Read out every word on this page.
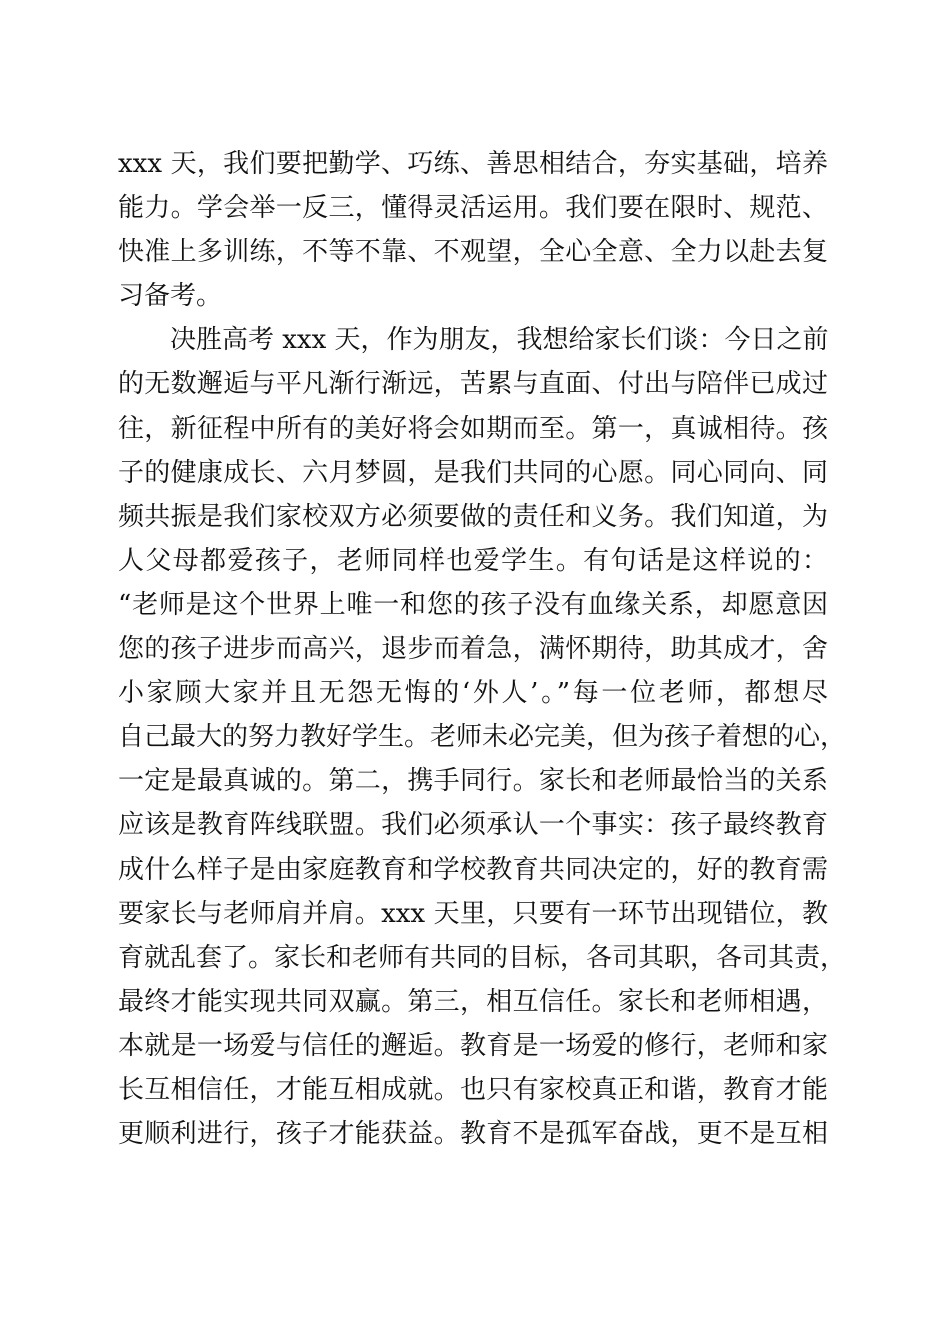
xxx 天，我们要把勤学、巧练、善思相结合，夯实基础，培养
能力。学会举一反三，懂得灵活运用。我们要在限时、规范、
快准上多训练，不等不靠、不观望，全心全意、全力以赴去复
习备考。
决胜高考 xxx 天，作为朋友，我想给家长们谈：今日之前
的无数邂逅与平凡渐行渐远，苦累与直面、付出与陪伴已成过
往，新征程中所有的美好将会如期而至。第一，真诚相待。孩
子的健康成长、六月梦圆，是我们共同的心愿。同心同向、同
频共振是我们家校双方必须要做的责任和义务。我们知道，为
人父母都爱孩子，老师同样也爱学生。有句话是这样说的：
“老师是这个世界上唯一和您的孩子没有血缘关系，却愿意因
您的孩子进步而高兴，退步而着急，满怀期待，助其成才，舍
小家顾大家并且无怨无悔的‘外人’。”每一位老师，都想尽
自己最大的努力教好学生。老师未必完美，但为孩子着想的心，
一定是最真诚的。第二，携手同行。家长和老师最恰当的关系
应该是教育阵线联盟。我们必须承认一个事实：孩子最终教育
成什么样子是由家庭教育和学校教育共同决定的，好的教育需
要家长与老师肩并肩。xxx 天里，只要有一环节出现错位，教
育就乱套了。家长和老师有共同的目标，各司其职，各司其责，
最终才能实现共同双赢。第三，相互信任。家长和老师相遇，
本就是一场爱与信任的邂逅。教育是一场爱的修行，老师和家
长互相信任，才能互相成就。也只有家校真正和谐，教育才能
更顺利进行，孩子才能获益。教育不是孤军奋战，更不是互相
